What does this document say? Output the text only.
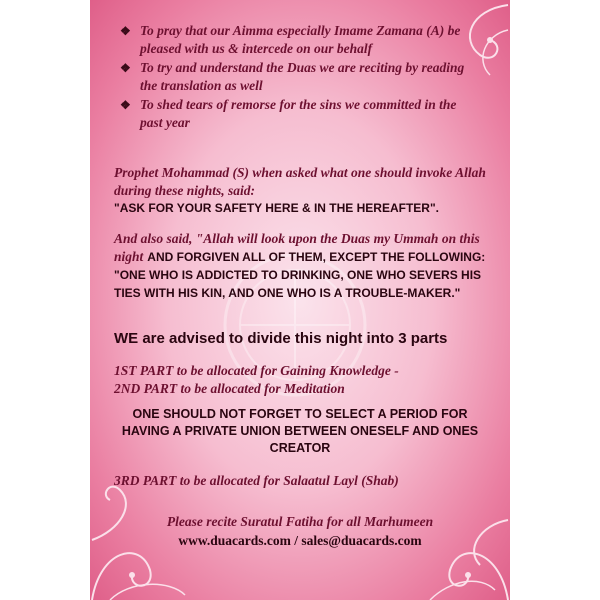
❖ To pray that our Aimma especially Imame Zamana (A) be pleased with us & intercede on our behalf
❖ To try and understand the Duas we are reciting by reading the translation as well
❖ To shed tears of remorse for the sins we committed in the past year
Prophet Mohammad (S) when asked what one should invoke Allah during these nights, said:
"ASK FOR YOUR SAFETY HERE & IN THE HEREAFTER".
And also said, "Allah will look upon the Duas my Ummah on this night AND FORGIVEN ALL OF THEM, EXCEPT THE FOLLOWING: "ONE WHO IS ADDICTED TO DRINKING, ONE WHO SEVERS HIS TIES WITH HIS KIN, AND ONE WHO IS A TROUBLE-MAKER."
WE are advised to divide this night into 3 parts
1ST PART to be allocated for Gaining Knowledge -
2ND PART to be allocated for Meditation
ONE SHOULD NOT FORGET TO SELECT A PERIOD FOR HAVING A PRIVATE UNION BETWEEN ONESELF AND ONES CREATOR
3RD PART to be allocated for Salaatul Layl (Shab)
Please recite Suratul Fatiha for all Marhumeen
www.duacards.com / sales@duacards.com
